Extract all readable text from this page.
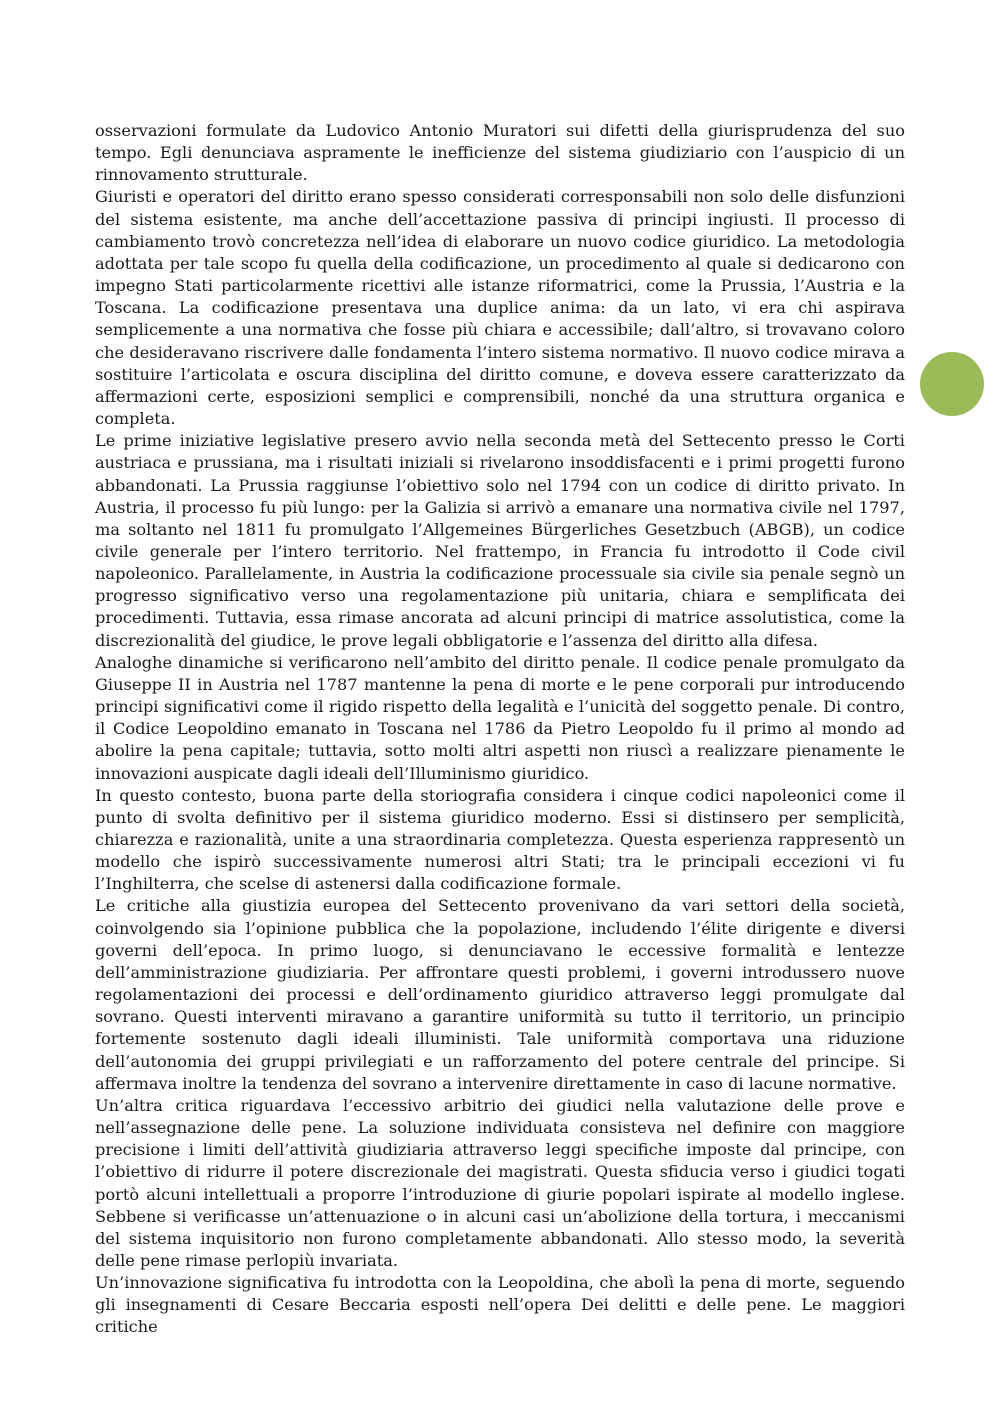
osservazioni formulate da Ludovico Antonio Muratori sui difetti della giurisprudenza del suo tempo. Egli denunciava aspramente le inefficienze del sistema giudiziario con l’auspicio di un rinnovamento strutturale.

Giuristi e operatori del diritto erano spesso considerati corresponsabili non solo delle disfunzioni del sistema esistente, ma anche dell’accettazione passiva di principi ingiusti. Il processo di cambiamento trovò concretezza nell’idea di elaborare un nuovo codice giuridico. La metodologia adottata per tale scopo fu quella della codificazione, un procedimento al quale si dedicarono con impegno Stati particolarmente ricettivi alle istanze riformatrici, come la Prussia, l’Austria e la Toscana. La codificazione presentava una duplice anima: da un lato, vi era chi aspirava semplicemente a una normativa che fosse più chiara e accessibile; dall’altro, si trovavano coloro che desideravano riscrivere dalle fondamenta l’intero sistema normativo. Il nuovo codice mirava a sostituire l’articolata e oscura disciplina del diritto comune, e doveva essere caratterizzato da affermazioni certe, esposizioni semplici e comprensibili, nonché da una struttura organica e completa.

Le prime iniziative legislative presero avvio nella seconda metà del Settecento presso le Corti austriaca e prussiana, ma i risultati iniziali si rivelarono insoddisfacenti e i primi progetti furono abbandonati. La Prussia raggiunse l’obiettivo solo nel 1794 con un codice di diritto privato. In Austria, il processo fu più lungo: per la Galizia si arrivò a emanare una normativa civile nel 1797, ma soltanto nel 1811 fu promulgato l’Allgemeines Bürgerliches Gesetzbuch (ABGB), un codice civile generale per l’intero territorio. Nel frattempo, in Francia fu introdotto il Code civil napoleonico. Parallelamente, in Austria la codificazione processuale sia civile sia penale segnò un progresso significativo verso una regolamentazione più unitaria, chiara e semplificata dei procedimenti. Tuttavia, essa rimase ancorata ad alcuni principi di matrice assolutistica, come la discrezionalità del giudice, le prove legali obbligatorie e l’assenza del diritto alla difesa.

Analoghe dinamiche si verificarono nell’ambito del diritto penale. Il codice penale promulgato da Giuseppe II in Austria nel 1787 mantenne la pena di morte e le pene corporali pur introducendo principi significativi come il rigido rispetto della legalità e l’unicità del soggetto penale. Di contro, il Codice Leopoldino emanato in Toscana nel 1786 da Pietro Leopoldo fu il primo al mondo ad abolire la pena capitale; tuttavia, sotto molti altri aspetti non riuscì a realizzare pienamente le innovazioni auspicate dagli ideali dell’Illuminismo giuridico.

In questo contesto, buona parte della storiografia considera i cinque codici napoleonici come il punto di svolta definitivo per il sistema giuridico moderno. Essi si distinsero per semplicità, chiarezza e razionalità, unite a una straordinaria completezza. Questa esperienza rappresentò un modello che ispirò successivamente numerosi altri Stati; tra le principali eccezioni vi fu l’Inghilterra, che scelse di astenersi dalla codificazione formale.

Le critiche alla giustizia europea del Settecento provenivano da vari settori della società, coinvolgendo sia l’opinione pubblica che la popolazione, includendo l’élite dirigente e diversi governi dell’epoca. In primo luogo, si denunciavano le eccessive formalità e lentezze dell’amministrazione giudiziaria. Per affrontare questi problemi, i governi introdussero nuove regolamentazioni dei processi e dell’ordinamento giuridico attraverso leggi promulgate dal sovrano. Questi interventi miravano a garantire uniformità su tutto il territorio, un principio fortemente sostenuto dagli ideali illuministi. Tale uniformità comportava una riduzione dell’autonomia dei gruppi privilegiati e un rafforzamento del potere centrale del principe. Si affermava inoltre la tendenza del sovrano a intervenire direttamente in caso di lacune normative.

Un’altra critica riguardava l’eccessivo arbitrio dei giudici nella valutazione delle prove e nell’assegnazione delle pene. La soluzione individuata consisteva nel definire con maggiore precisione i limiti dell’attività giudiziaria attraverso leggi specifiche imposte dal principe, con l’obiettivo di ridurre il potere discrezionale dei magistrati. Questa sfiducia verso i giudici togati portò alcuni intellettuali a proporre l’introduzione di giurie popolari ispirate al modello inglese. Sebbene si verificasse un’attenuazione o in alcuni casi un’abolizione della tortura, i meccanismi del sistema inquisitorio non furono completamente abbandonati. Allo stesso modo, la severità delle pene rimase perlopiù invariata.

Un’innovazione significativa fu introdotta con la Leopoldina, che abolì la pena di morte, seguendo gli insegnamenti di Cesare Beccaria esposti nell’opera Dei delitti e delle pene. Le maggiori critiche
